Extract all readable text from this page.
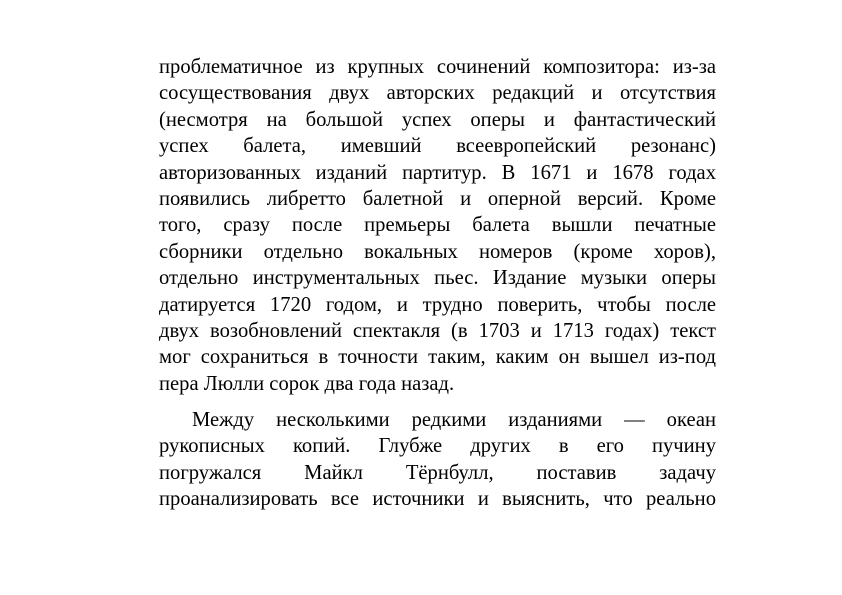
проблематичное из крупных сочинений композитора: из-за
сосуществования двух авторских редакций и отсутствия
(несмотря на большой успех оперы и фантастический
успех балета, имевший всеевропейский резонанс)
авторизованных изданий партитур. В 1671 и 1678 годах
появились либретто балетной и оперной версий. Кроме
того, сразу после премьеры балета вышли печатные
сборники отдельно вокальных номеров (кроме хоров),
отдельно инструментальных пьес. Издание музыки оперы
датируется 1720 годом, и трудно поверить, чтобы после
двух возобновлений спектакля (в 1703 и 1713 годах) текст
мог сохраниться в точности таким, каким он вышел из-под
пера Люлли сорок два года назад.
Между несколькими редкими изданиями — океан
рукописных копий. Глубже других в его пучину
погружался Майкл Тёрнбулл, поставив задачу
проанализировать все источники и выяснить, что реально
